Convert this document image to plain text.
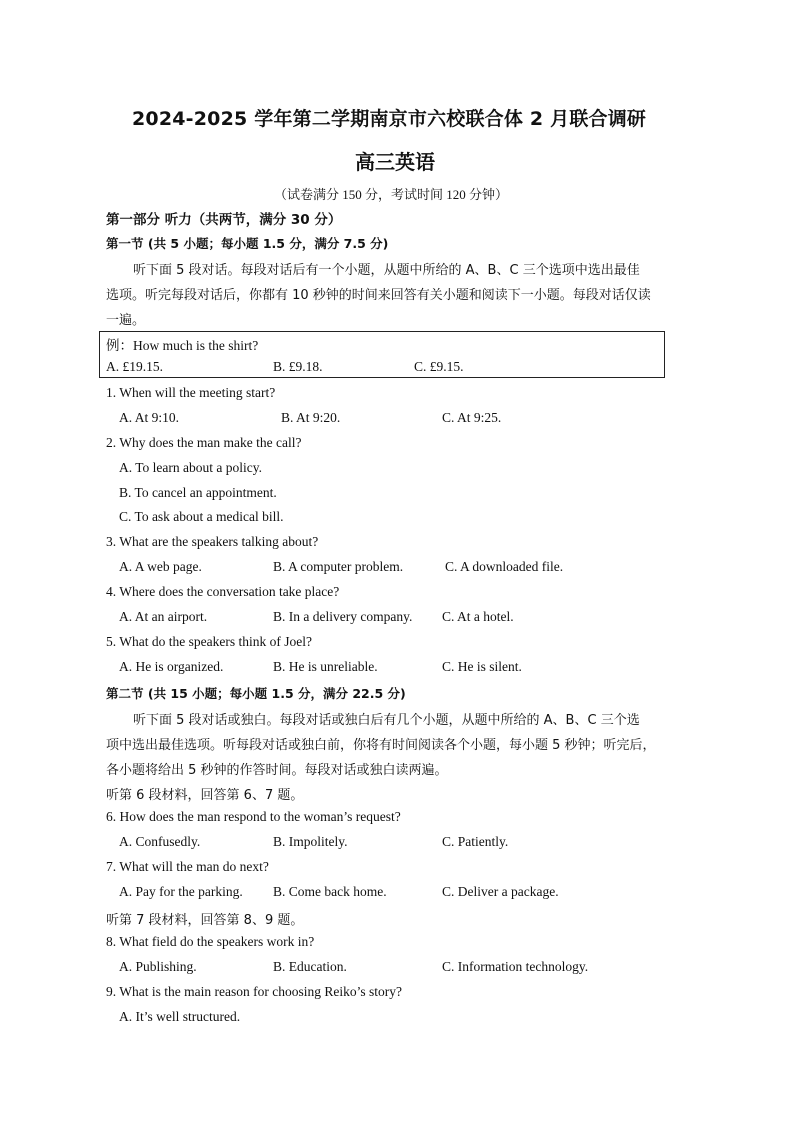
2024-2025 学年第二学期南京市六校联合体 2 月联合调研
高三英语
（试卷满分 150 分，考试时间 120 分钟）
第一部分 听力（共两节，满分 30 分）
第一节 (共 5 小题；每小题 1.5 分，满分 7.5 分)
听下面 5 段对话。每段对话后有一个小题，从题中所给的 A、B、C 三个选项中选出最佳
选项。听完每段对话后，你都有 10 秒钟的时间来回答有关小题和阅读下一小题。每段对话仅读
一遍。
例：How much is the shirt?
A. £19.15.	B. £9.18.	C. £9.15.
1. When will the meeting start?
A. At 9:10.	B. At 9:20.	C. At 9:25.
2. Why does the man make the call?
A. To learn about a policy.
B. To cancel an appointment.
C. To ask about a medical bill.
3. What are the speakers talking about?
A. A web page.	B. A computer problem.	C. A downloaded file.
4. Where does the conversation take place?
A. At an airport.	B. In a delivery company. C. At a hotel.
5. What do the speakers think of Joel?
A. He is organized.	B. He is unreliable.	C. He is silent.
第二节 (共 15 小题；每小题 1.5 分，满分 22.5 分)
听下面 5 段对话或独白。每段对话或独白后有几个小题，从题中所给的 A、B、C 三个选
项中选出最佳选项。听每段对话或独白前，你将有时间阅读各个小题，每小题 5 秒钟；听完后，
各小题将给出 5 秒钟的作答时间。每段对话或独白读两遍。
听第 6 段材料，回答第 6、7 题。
6. How does the man respond to the woman’s request?
A. Confusedly.	B. Impolitely.	C. Patiently.
7. What will the man do next?
A. Pay for the parking. B. Come back home.	C. Deliver a package.
听第 7 段材料，回答第 8、9 题。
8. What field do the speakers work in?
A. Publishing.	B. Education.	C. Information technology.
9. What is the main reason for choosing Reiko’s story?
A. It’s well structured.
